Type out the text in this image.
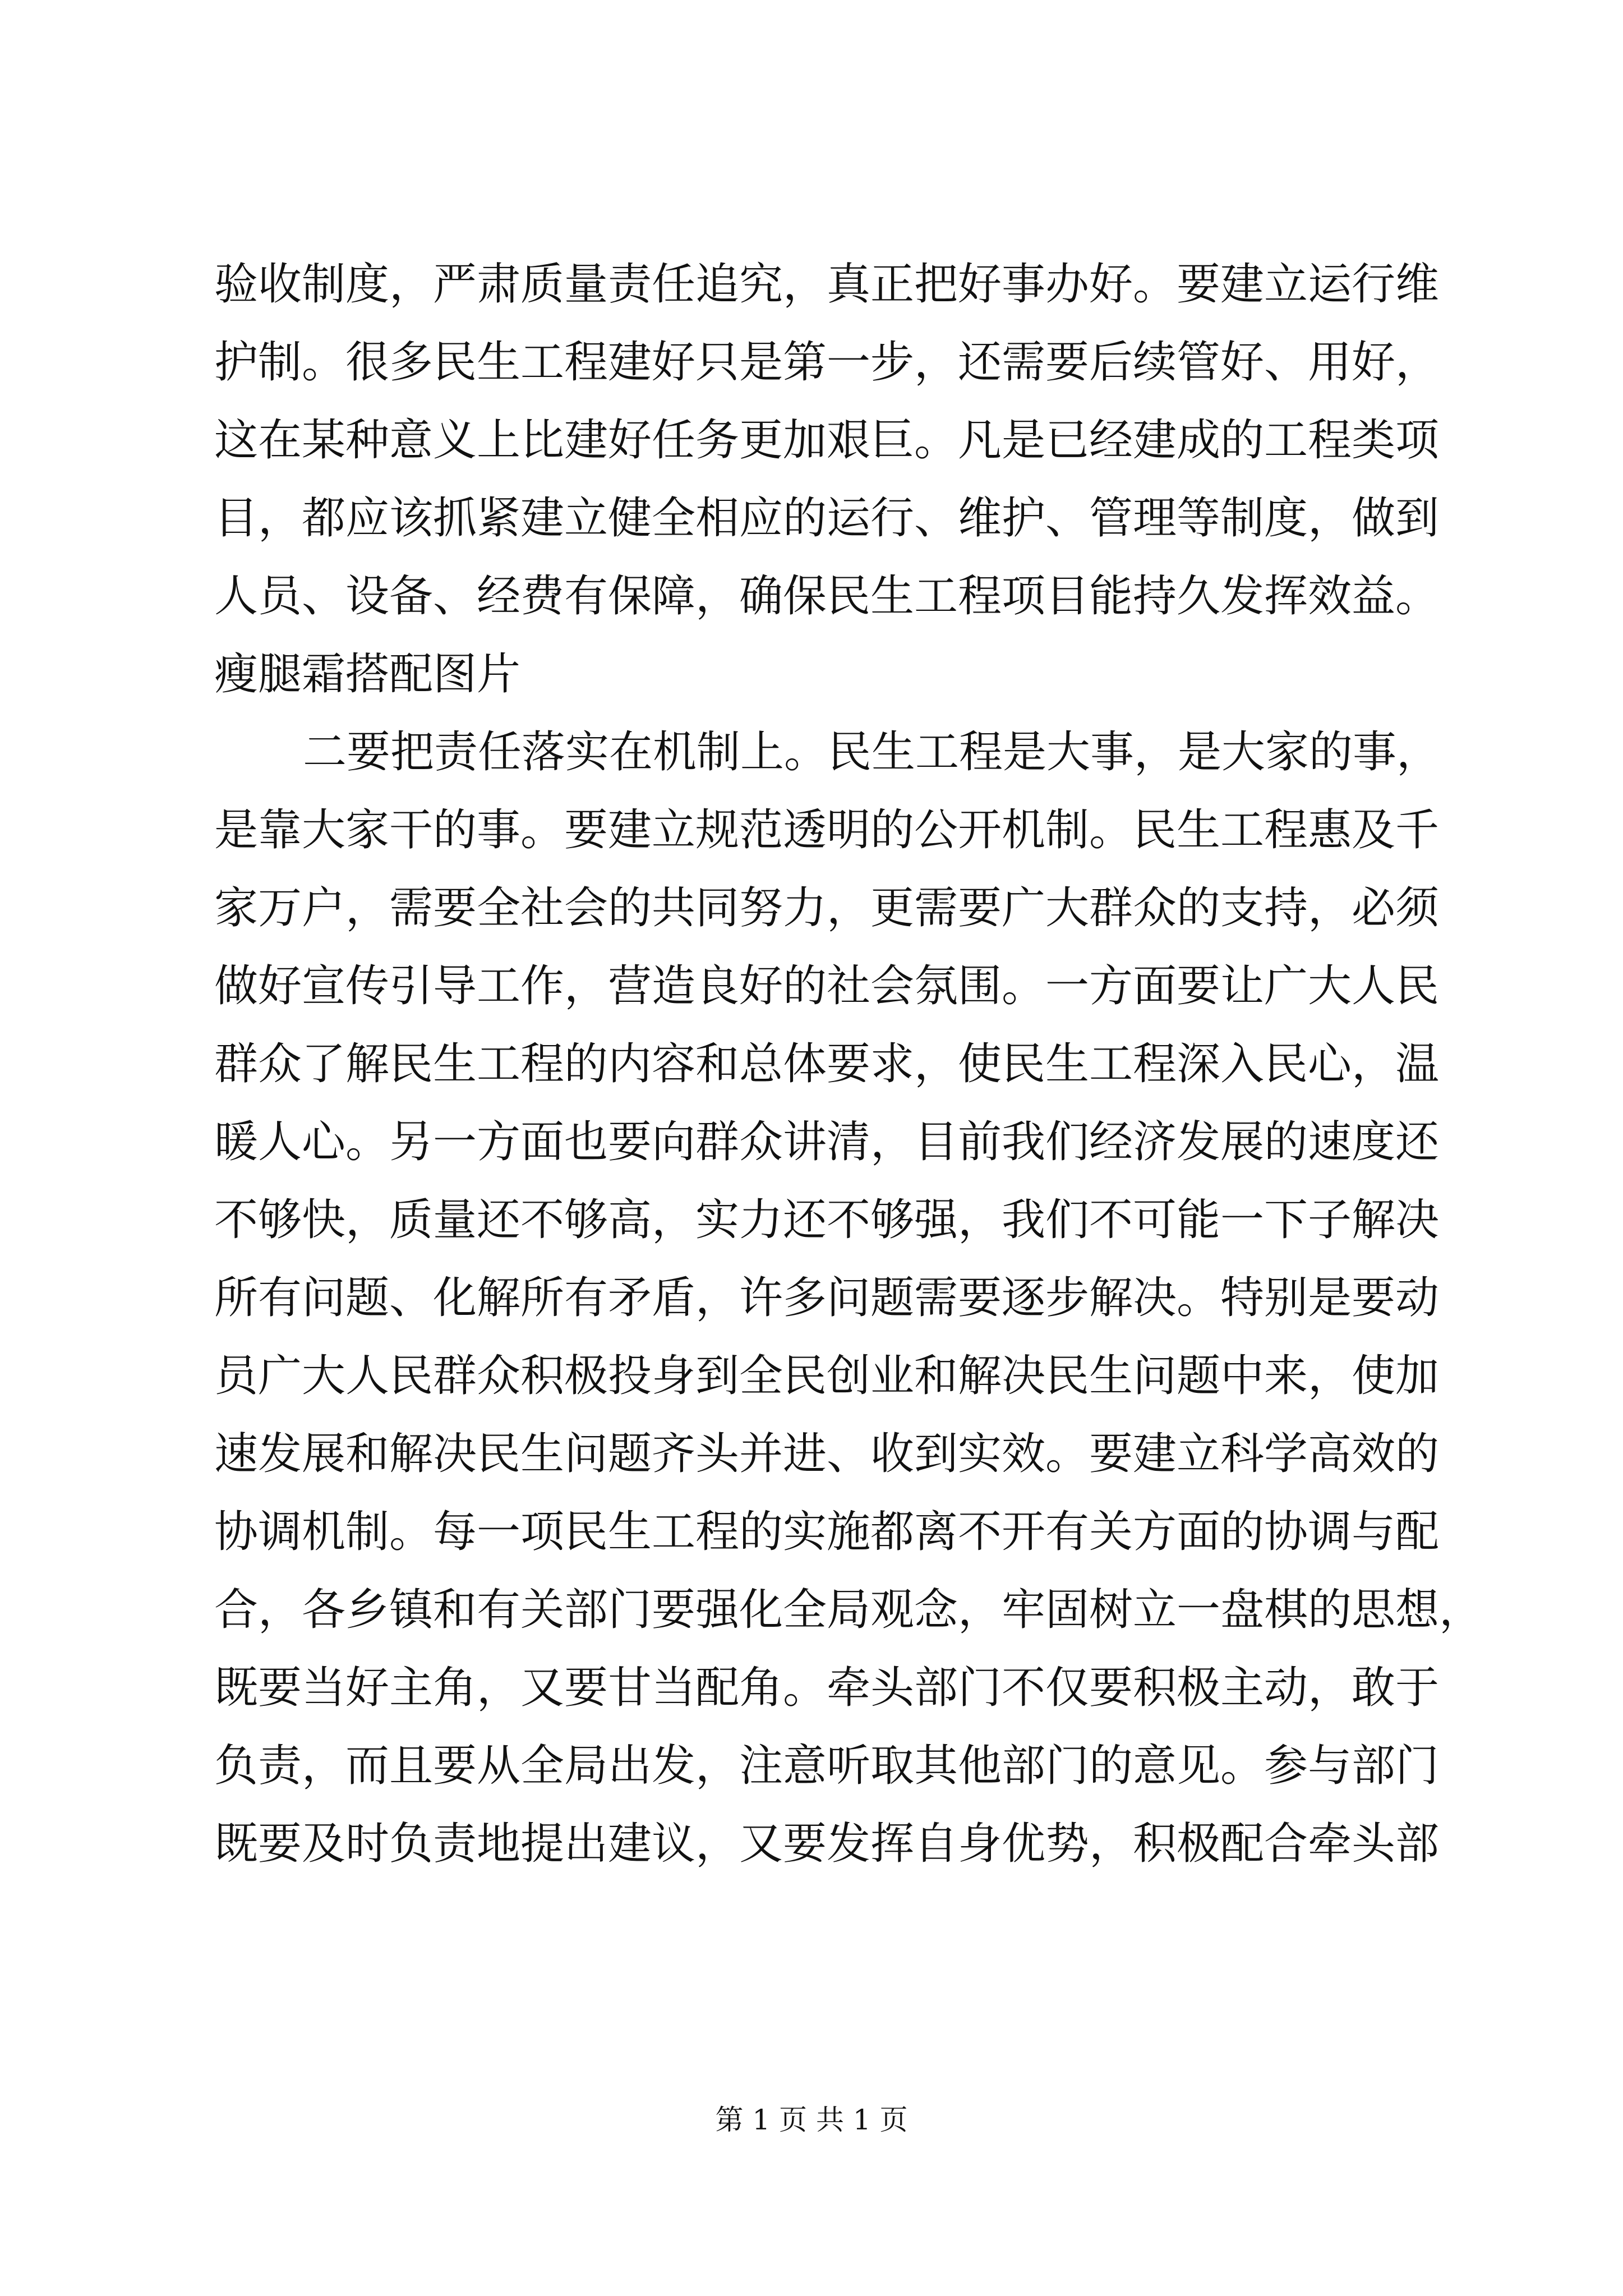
验收制度，严肃质量责任追究，真正把好事办好。要建立运行维
护制。很多民生工程建好只是第一步，还需要后续管好、用好，
这在某种意义上比建好任务更加艰巨。凡是已经建成的工程类项
目，都应该抓紧建立健全相应的运行、维护、管理等制度，做到
人员、设备、经费有保障，确保民生工程项目能持久发挥效益。
瘦腿霜搭配图片
二要把责任落实在机制上。民生工程是大事，是大家的事，
是靠大家干的事。要建立规范透明的公开机制。民生工程惠及千
家万户，需要全社会的共同努力，更需要广大群众的支持，必须
做好宣传引导工作，营造良好的社会氛围。一方面要让广大人民
群众了解民生工程的内容和总体要求，使民生工程深入民心，温
暖人心。另一方面也要向群众讲清，目前我们经济发展的速度还
不够快，质量还不够高，实力还不够强，我们不可能一下子解决
所有问题、化解所有矛盾，许多问题需要逐步解决。特别是要动
员广大人民群众积极投身到全民创业和解决民生问题中来，使加
速发展和解决民生问题齐头并进、收到实效。要建立科学高效的
协调机制。每一项民生工程的实施都离不开有关方面的协调与配
合，各乡镇和有关部门要强化全局观念，牢固树立一盘棋的思想，
既要当好主角，又要甘当配角。牵头部门不仅要积极主动，敢于
负责，而且要从全局出发，注意听取其他部门的意见。参与部门
既要及时负责地提出建议，又要发挥自身优势，积极配合牵头部
第 1 页 共 1 页
